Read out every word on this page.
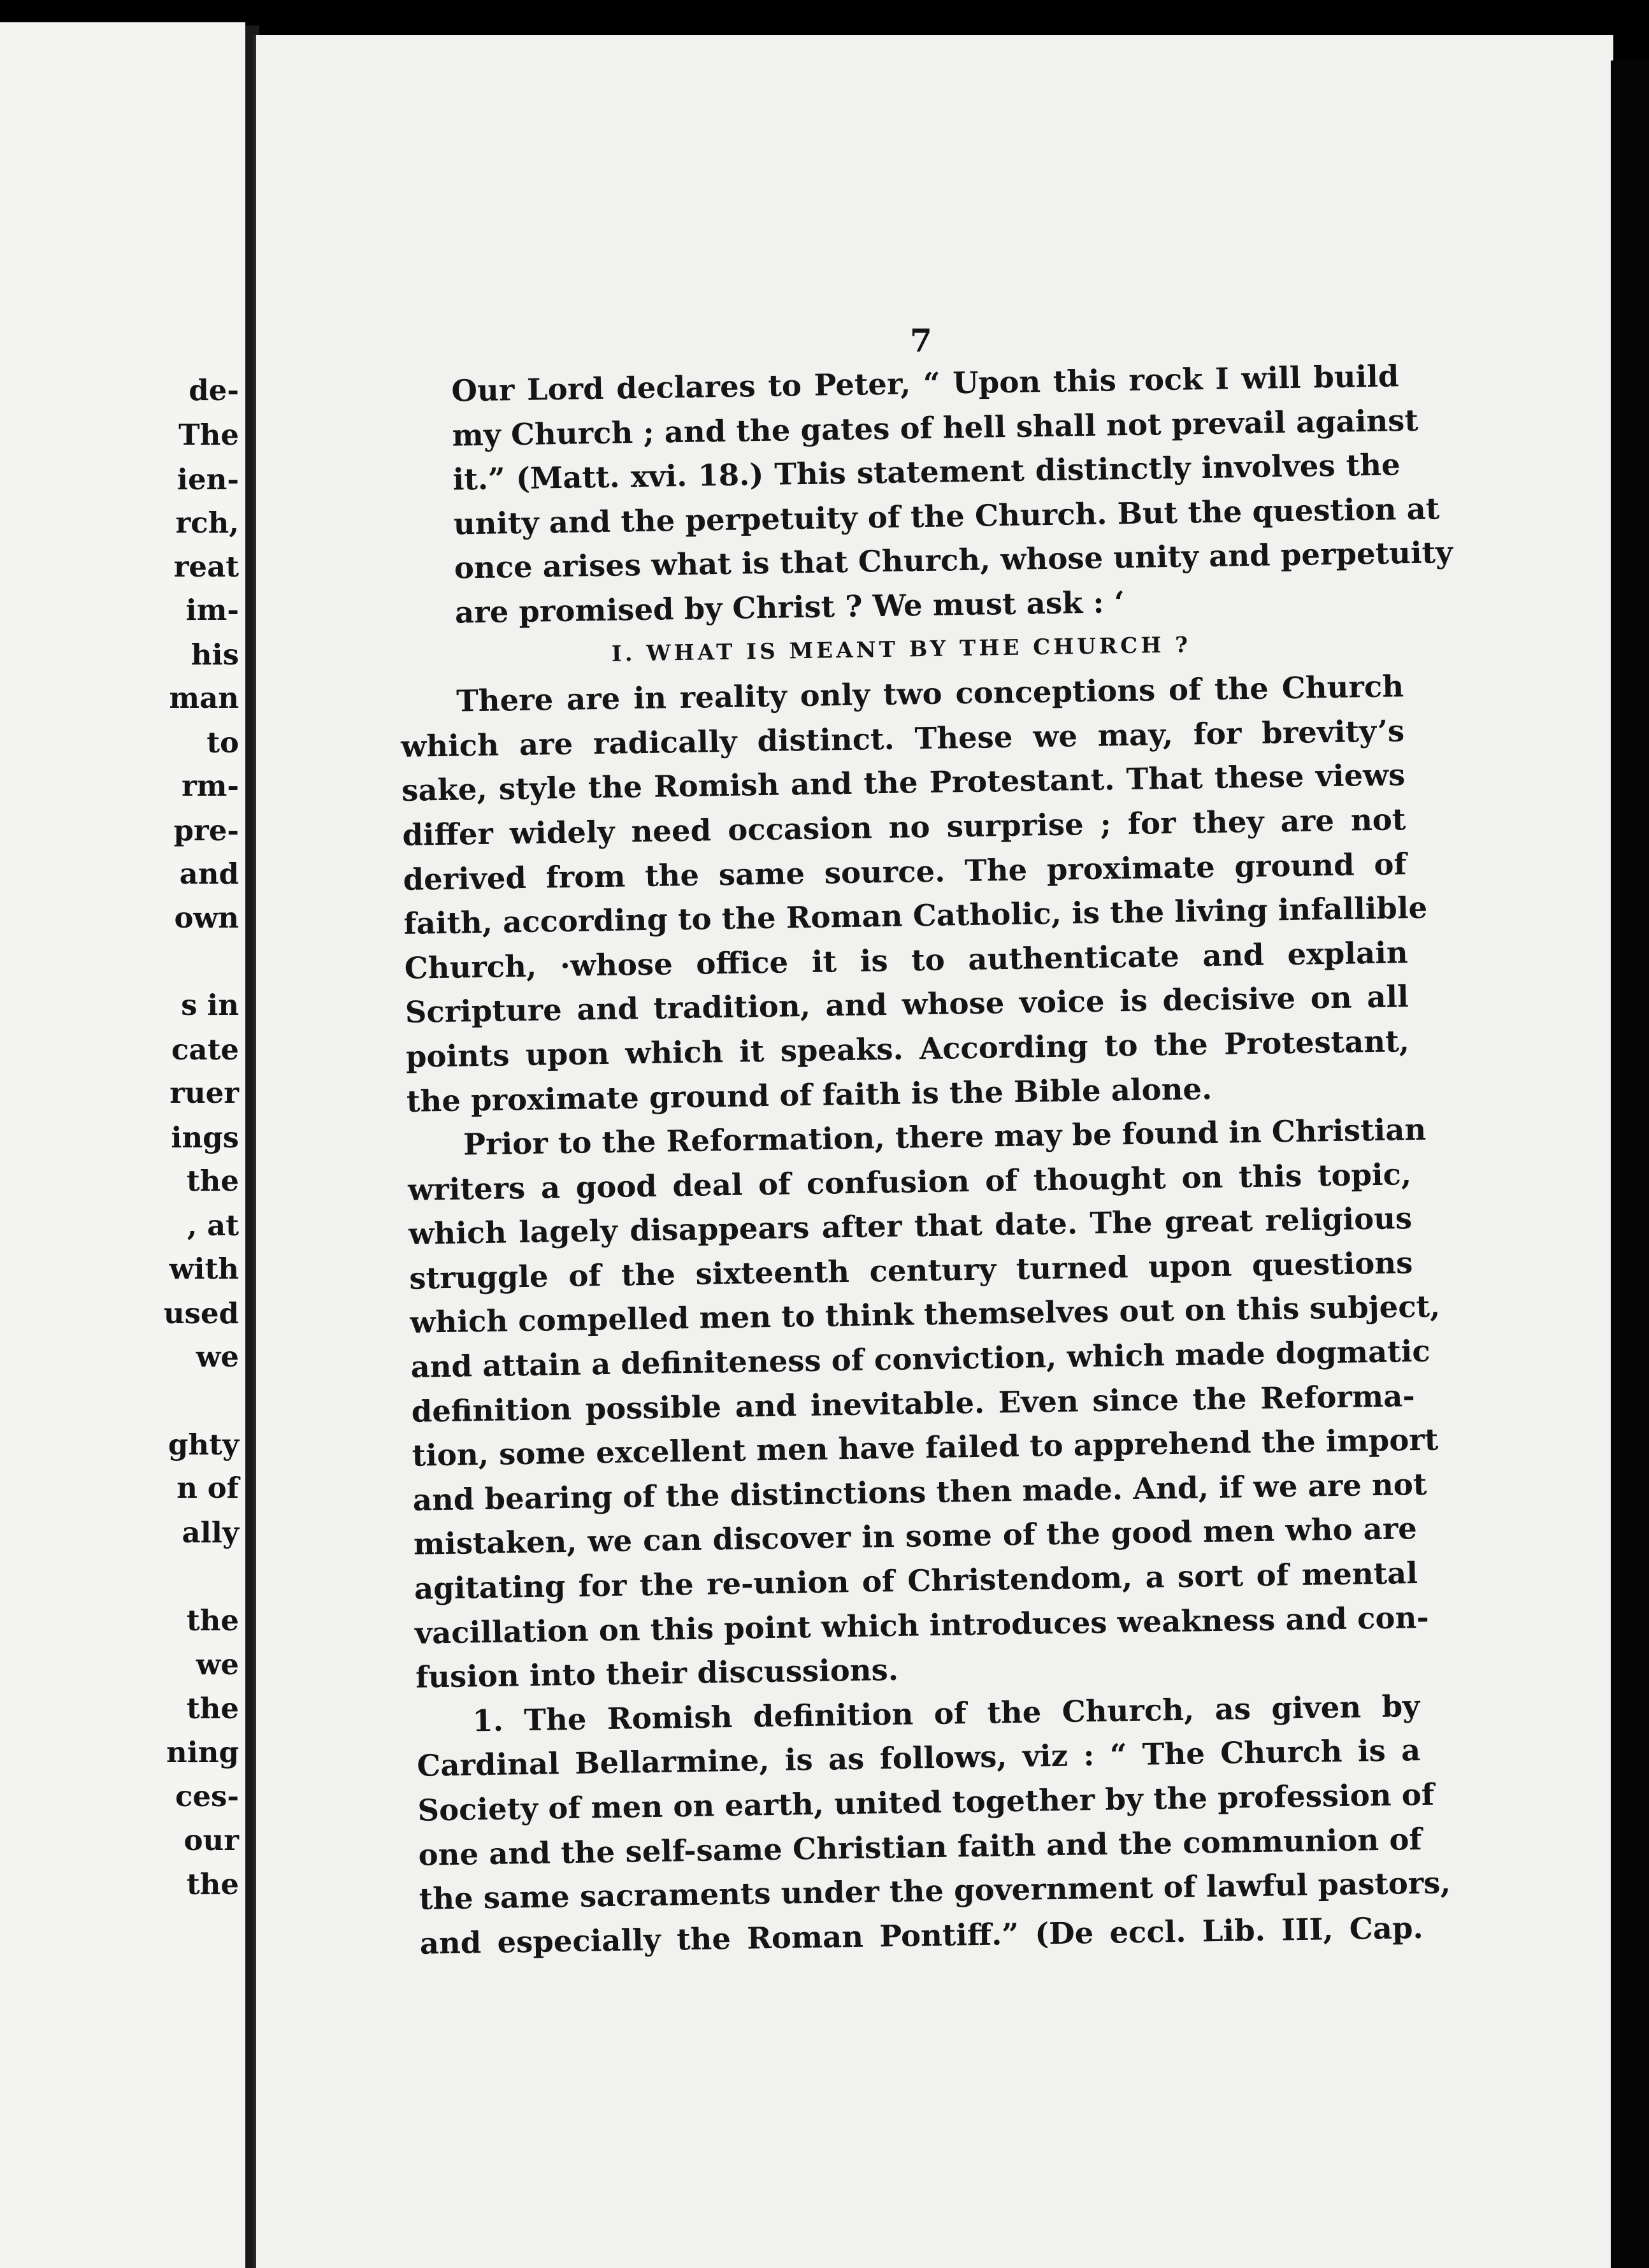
de-
The
ien-
rch,
reat
im-
his
man
to
rm-
pre-
and
own
s in
cate
ruer
ings
the
, at
with
used
we
ghty
n of
ally
the
we
the
ning
ces-
our
the
7

Our Lord declares to Peter, “ Upon this rock I will build
my Church ; and the gates of hell shall not prevail against
it.” (Matt. xvi. 18.) This statement distinctly involves the
unity and the perpetuity of the Church. But the question at
once arises what is that Church, whose unity and perpetuity
are promised by Christ ? We must ask : ‘

I. WHAT IS MEANT BY THE CHURCH ?

There are in reality only two conceptions of the Church
which are radically distinct. These we may, for brevity’s
sake, style the Romish and the Protestant. That these views
differ widely need occasion no surprise ; for they are not
derived from the same source. The proximate ground of
faith, according to the Roman Catholic, is the living infallible
Church, ·whose office it is to authenticate and explain
Scripture and tradition, and whose voice is decisive on all
points upon which it speaks. According to the Protestant,
the proximate ground of faith is the Bible alone.

Prior to the Reformation, there may be found in Christian
writers a good deal of confusion of thought on this topic,
which lagely disappears after that date. The great religious
struggle of the sixteenth century turned upon questions
which compelled men to think themselves out on this subject,
and attain a definiteness of conviction, which made dogmatic
definition possible and inevitable. Even since the Reforma-
tion, some excellent men have failed to apprehend the import
and bearing of the distinctions then made. And, if we are not
mistaken, we can discover in some of the good men who are
agitating for the re-union of Christendom, a sort of mental
vacillation on this point which introduces weakness and con-
fusion into their discussions.

1. The Romish definition of the Church, as given by
Cardinal Bellarmine, is as follows, viz : “ The Church is a
Society of men on earth, united together by the profession of
one and the self-same Christian faith and the communion of
the same sacraments under the government of lawful pastors,
and especially the Roman Pontiff.” (De eccl. Lib. III, Cap.
